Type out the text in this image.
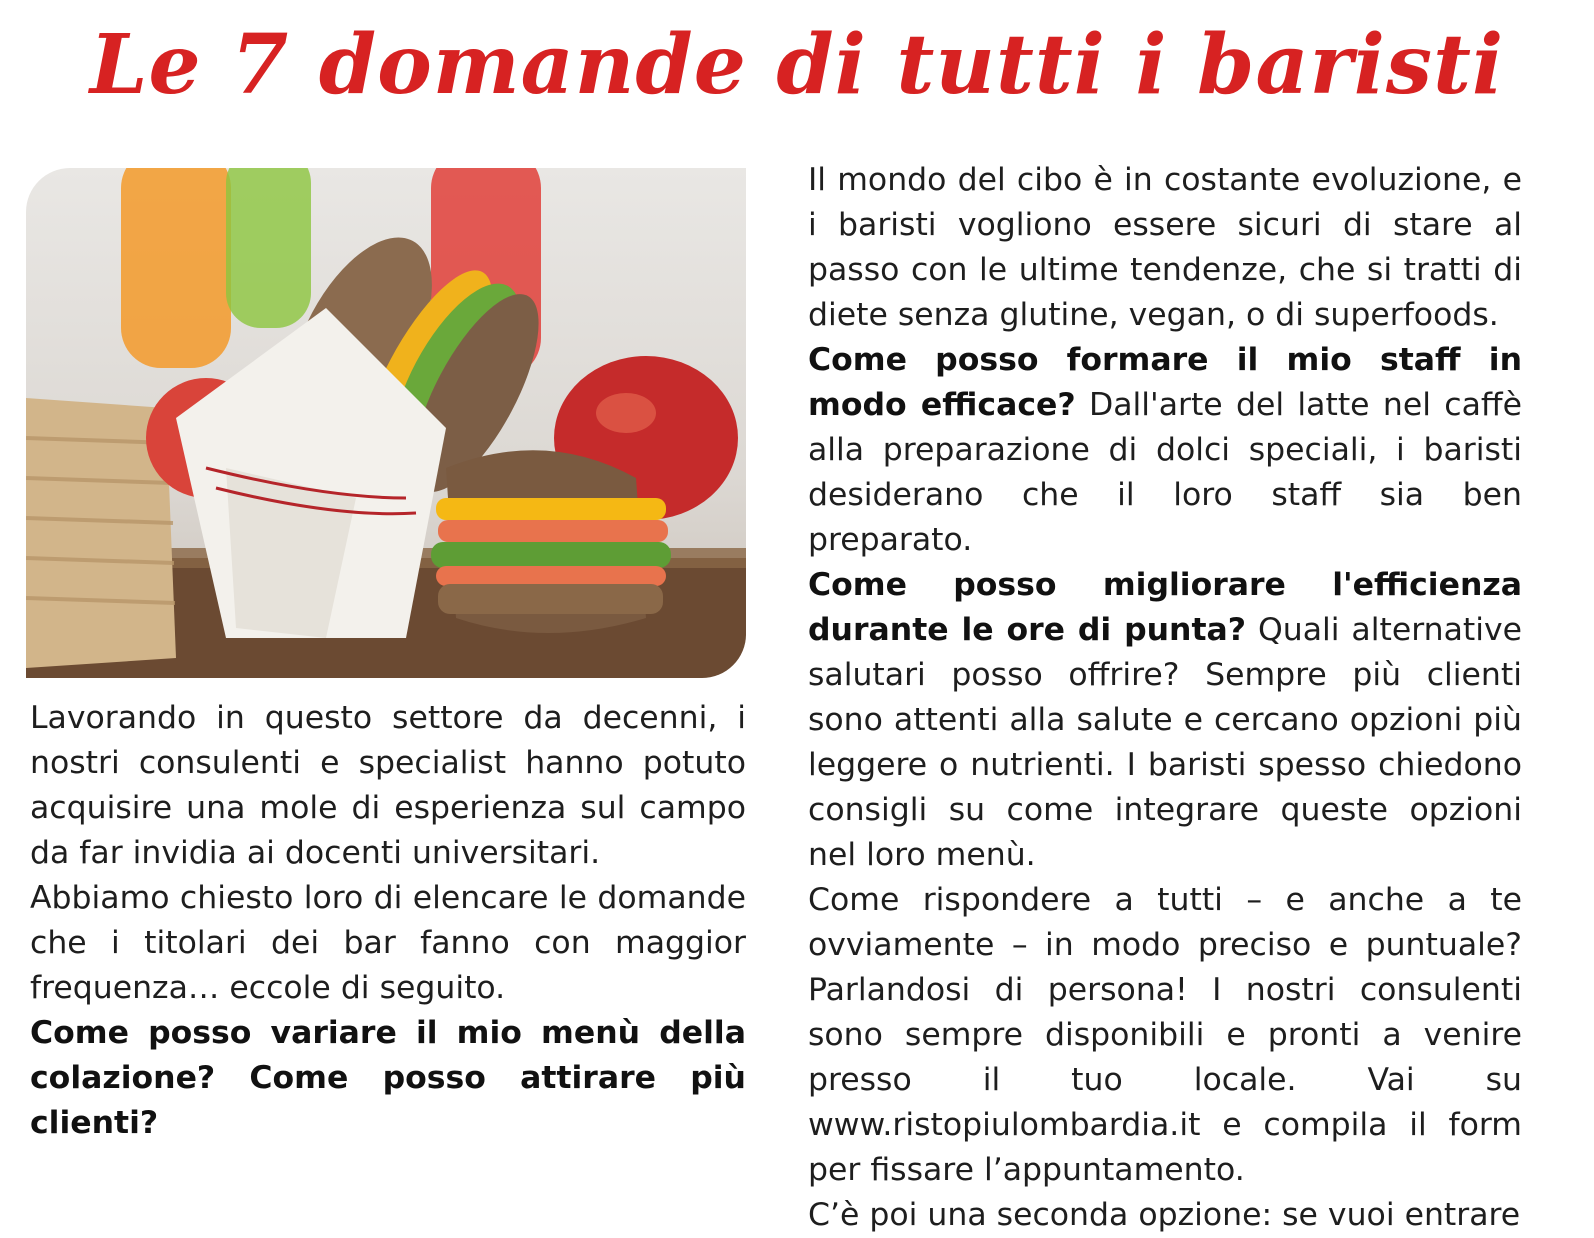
Le 7 domande di tutti i baristi

Lavorando in questo settore da decenni, i nostri consulenti e specialist hanno potuto acquisire una mole di esperienza sul campo da far invidia ai docenti universitari.

Abbiamo chiesto loro di elencare le domande che i titolari dei bar fanno con maggior frequenza… eccole di seguito.

Come posso variare il mio menù della colazione? Come posso attirare più clienti?

Il mondo del cibo è in costante evoluzione, e i baristi vogliono essere sicuri di stare al passo con le ultime tendenze, che si tratti di diete senza glutine, vegan, o di superfoods.

Come posso formare il mio staff in modo efficace? Dall'arte del latte nel caffè alla preparazione di dolci speciali, i baristi desiderano che il loro staff sia ben preparato.

Come posso migliorare l'efficienza durante le ore di punta? Quali alternative salutari posso offrire? Sempre più clienti sono attenti alla salute e cercano opzioni più leggere o nutrienti. I baristi spesso chiedono consigli su come integrare queste opzioni nel loro menù.

Come rispondere a tutti – e anche a te ovviamente – in modo preciso e puntuale? Parlandosi di persona! I nostri consulenti sono sempre disponibili e pronti a venire presso il tuo locale. Vai su www.ristopiulombardia.it e compila il form per fissare l’appuntamento.

C’è poi una seconda opzione: se vuoi entrare
